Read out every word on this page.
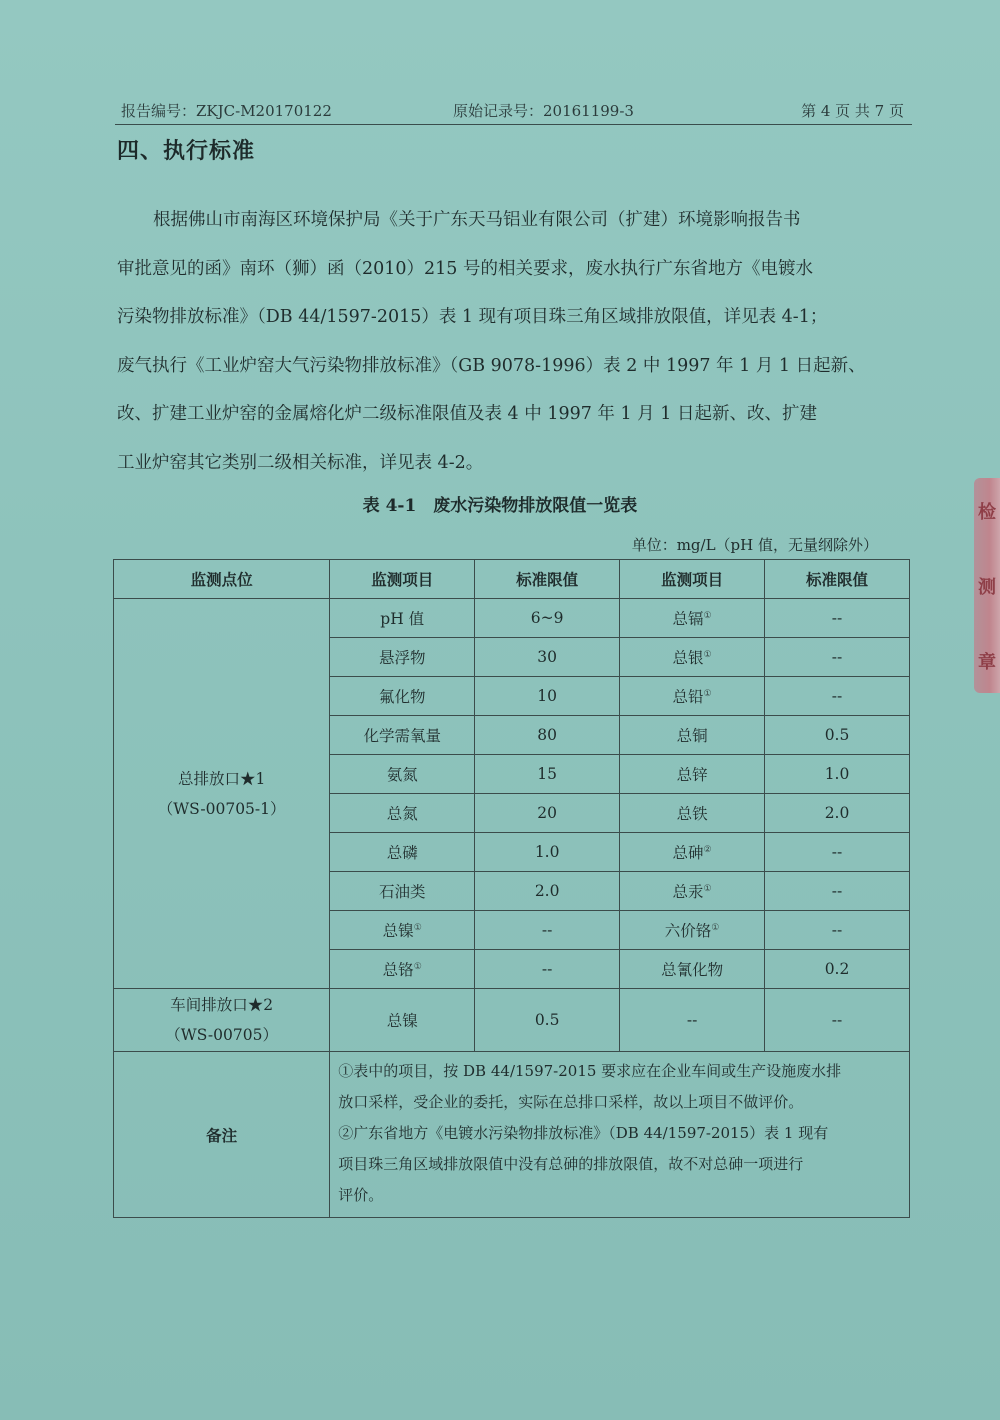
报告编号：ZKJC-M20170122	原始记录号：20161199-3	第 4 页 共 7 页
四、执行标准
根据佛山市南海区环境保护局《关于广东天马铝业有限公司（扩建）环境影响报告书
审批意见的函》南环（狮）函（2010）215 号的相关要求，废水执行广东省地方《电镀水
污染物排放标准》（DB 44/1597-2015）表 1 现有项目珠三角区域排放限值，详见表 4-1；
废气执行《工业炉窑大气污染物排放标准》（GB 9078-1996）表 2 中 1997 年 1 月 1 日起新、
改、扩建工业炉窑的金属熔化炉二级标准限值及表 4 中 1997 年 1 月 1 日起新、改、扩建
工业炉窑其它类别二级相关标准，详见表 4-2。
表 4-1　废水污染物排放限值一览表
单位：mg/L（pH 值，无量纲除外）
监测点位	监测项目	标准限值	监测项目	标准限值

总排放口★1
（WS-00705-1）	pH 值	6~9	总镉①	--
	悬浮物	30	总银①	--
	氟化物	10	总铅①	--
	化学需氧量	80	总铜	0.5
	氨氮	15	总锌	1.0
	总氮	20	总铁	2.0
	总磷	1.0	总砷②	--
	石油类	2.0	总汞①	--
	总镍①	--	六价铬①	--
	总铬①	--	总氰化物	0.2

车间排放口★2
（WS-00705）	总镍	0.5	--	--
备注	①表中的项目，按 DB 44/1597-2015 要求应在企业车间或生产设施废水排
放口采样，受企业的委托，实际在总排口采样，故以上项目不做评价。
②广东省地方《电镀水污染物排放标准》（DB 44/1597-2015）表 1 现有
项目珠三角区域排放限值中没有总砷的排放限值，故不对总砷一项进行
评价。			
检
测
章
